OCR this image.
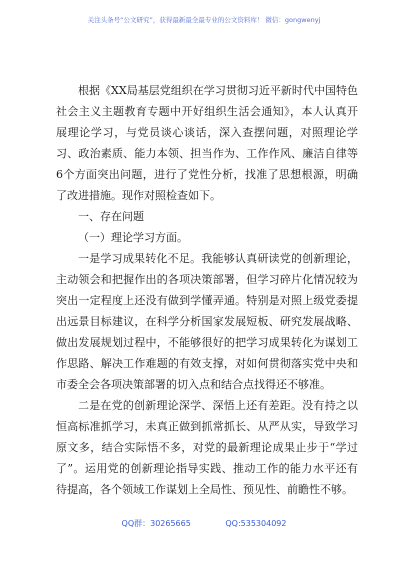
关注头条号“公文研究”，获得最新最全最专业的公文资料库！ 微信：gongwenyj

根据《XX局基层党组织在学习贯彻习近平新时代中国特色社会主义主题教育专题中开好组织生活会通知》，本人认真开展理论学习，与党员谈心谈话，深入查摆问题，对照理论学习、政治素质、能力本领、担当作为、工作作风、廉洁自律等6个方面突出问题，进行了党性分析，找准了思想根源，明确了改进措施。现作对照检查如下。

一、存在问题

（一）理论学习方面。

一是学习成果转化不足。我能够认真研读党的创新理论，主动领会和把握作出的各项决策部署，但学习碎片化情况较为突出一定程度上还没有做到学懂弄通。特别是对照上级党委提出远景目标建议，在科学分析国家发展短板、研究发展战略、做出发展规划过程中，不能够很好的把学习成果转化为谋划工作思路、解决工作难题的有效支撑，对如何贯彻落实党中央和市委全会各项决策部署的切入点和结合点找得还不够准。

二是在党的创新理论深学、深悟上还有差距。没有持之以恒高标准抓学习，未真正做到抓常抓长、从严从实，导致学习原文多，结合实际悟不多，对党的最新理论成果止步于“学过了”。运用党的创新理论指导实践、推动工作的能力水平还有待提高，各个领域工作谋划上全局性、预见性、前瞻性不够。

QQ群：30265665	QQ:535304092
